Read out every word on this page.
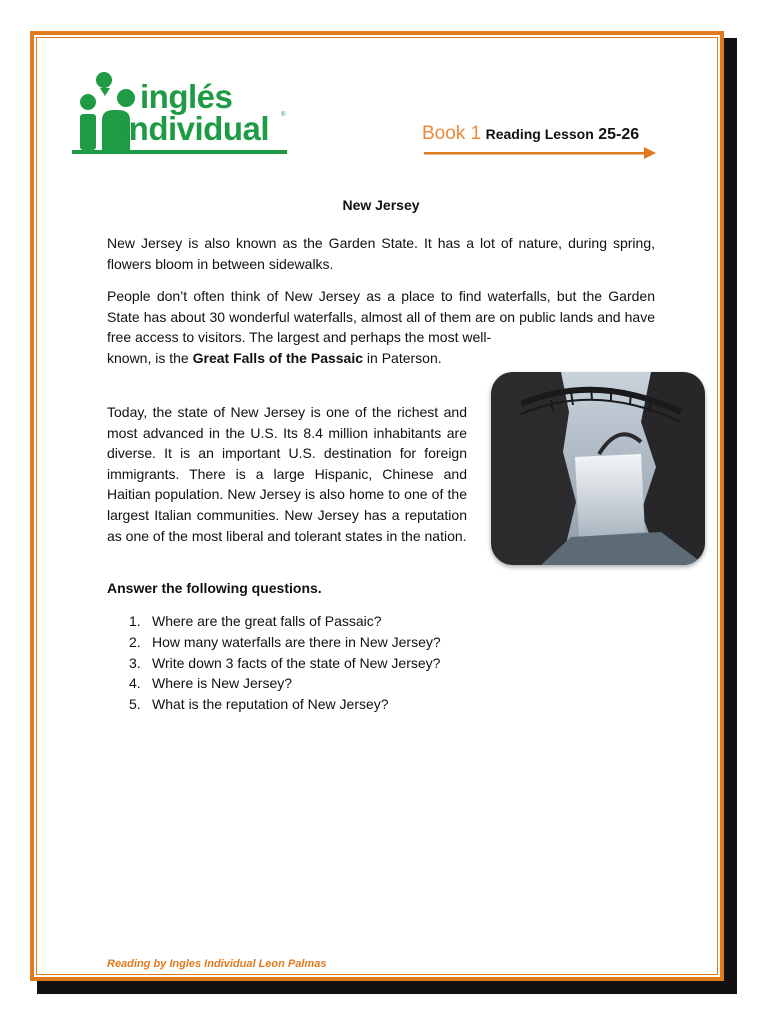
inglés
individual ®
Book 1 Reading Lesson 25-26
New Jersey

New Jersey is also known as the Garden State. It has a lot of nature, during spring, flowers bloom in between sidewalks.

People don’t often think of New Jersey as a place to find waterfalls, but the Garden State has about 30 wonderful waterfalls, almost all of them are on public lands and have free access to visitors. The largest and perhaps the most well-

known, is the Great Falls of the Passaic in Paterson.

Today, the state of New Jersey is one of the richest and most advanced in the U.S. Its 8.4 million inhabitants are diverse. It is an important U.S. destination for foreign immigrants. There is a large Hispanic, Chinese and Haitian population. New Jersey is also home to one of the largest Italian communities. New Jersey has a reputation as one of the most liberal and tolerant states in the nation.

Answer the following questions.
1. Where are the great falls of Passaic?
2. How many waterfalls are there in New Jersey?
3. Write down 3 facts of the state of New Jersey?
4. Where is New Jersey?
5. What is the reputation of New Jersey?
Reading by Ingles Individual Leon Palmas
